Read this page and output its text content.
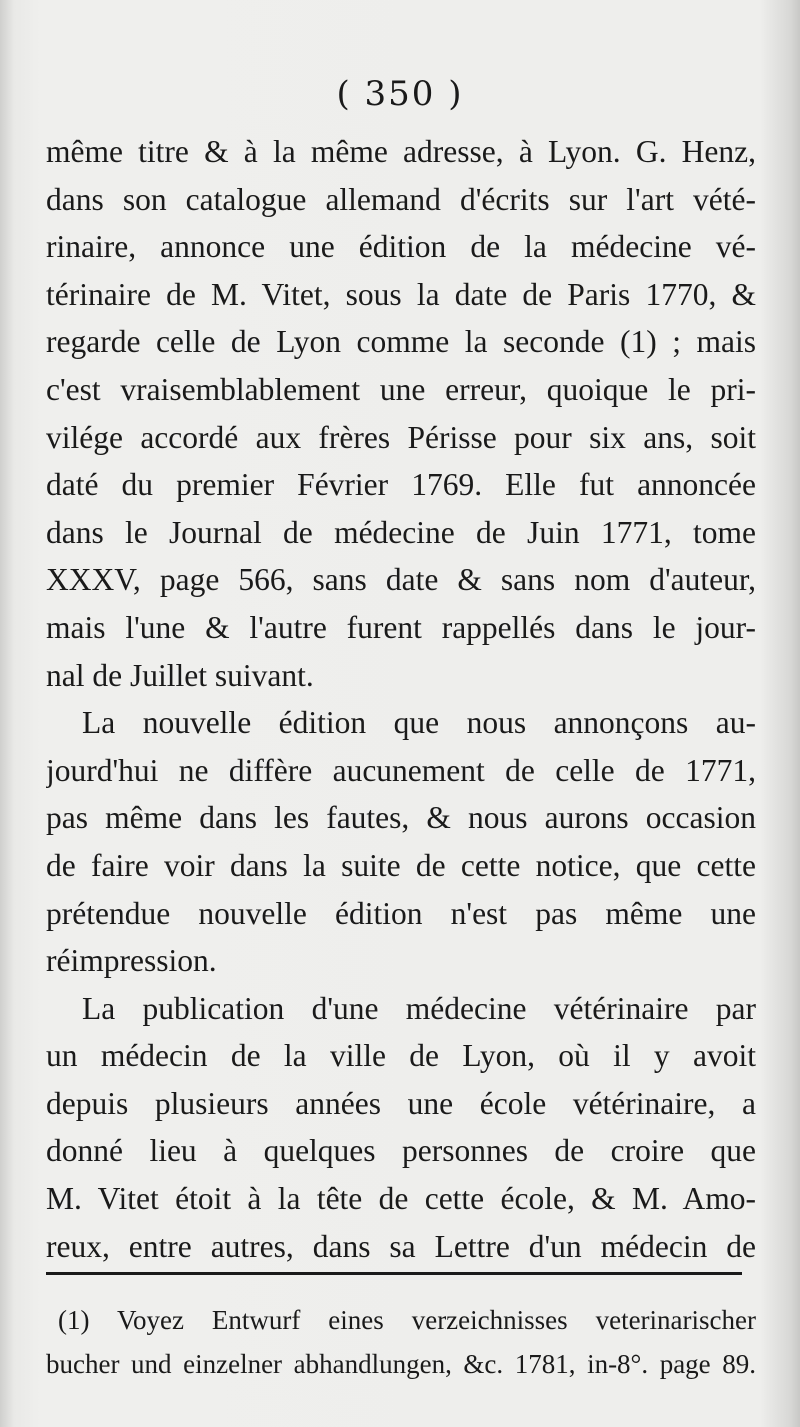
( 350 )
même titre & à la même adresse, à Lyon. G. Henz,
dans son catalogue allemand d'écrits sur l'art vété-
rinaire, annonce une édition de la médecine vé-
térinaire de M. Vitet, sous la date de Paris 1770, &
regarde celle de Lyon comme la seconde (1) ; mais
c'est vraisemblablement une erreur, quoique le pri-
vilége accordé aux frères Périsse pour six ans, soit
daté du premier Février 1769. Elle fut annoncée
dans le Journal de médecine de Juin 1771, tome
XXXV, page 566, sans date & sans nom d'auteur,
mais l'une & l'autre furent rappellés dans le jour-
nal de Juillet suivant.
La nouvelle édition que nous annonçons au-
jourd'hui ne diffère aucunement de celle de 1771,
pas même dans les fautes, & nous aurons occasion
de faire voir dans la suite de cette notice, que cette
prétendue nouvelle édition n'est pas même une
réimpression.
La publication d'une médecine vétérinaire par
un médecin de la ville de Lyon, où il y avoit
depuis plusieurs années une école vétérinaire, a
donné lieu à quelques personnes de croire que
M. Vitet étoit à la tête de cette école, & M. Amo-
reux, entre autres, dans sa Lettre d'un médecin de
(1) Voyez Entwurf eines verzeichnisses veterinarischer
bucher und einzelner abhandlungen, &c. 1781, in-8°. page 89.
